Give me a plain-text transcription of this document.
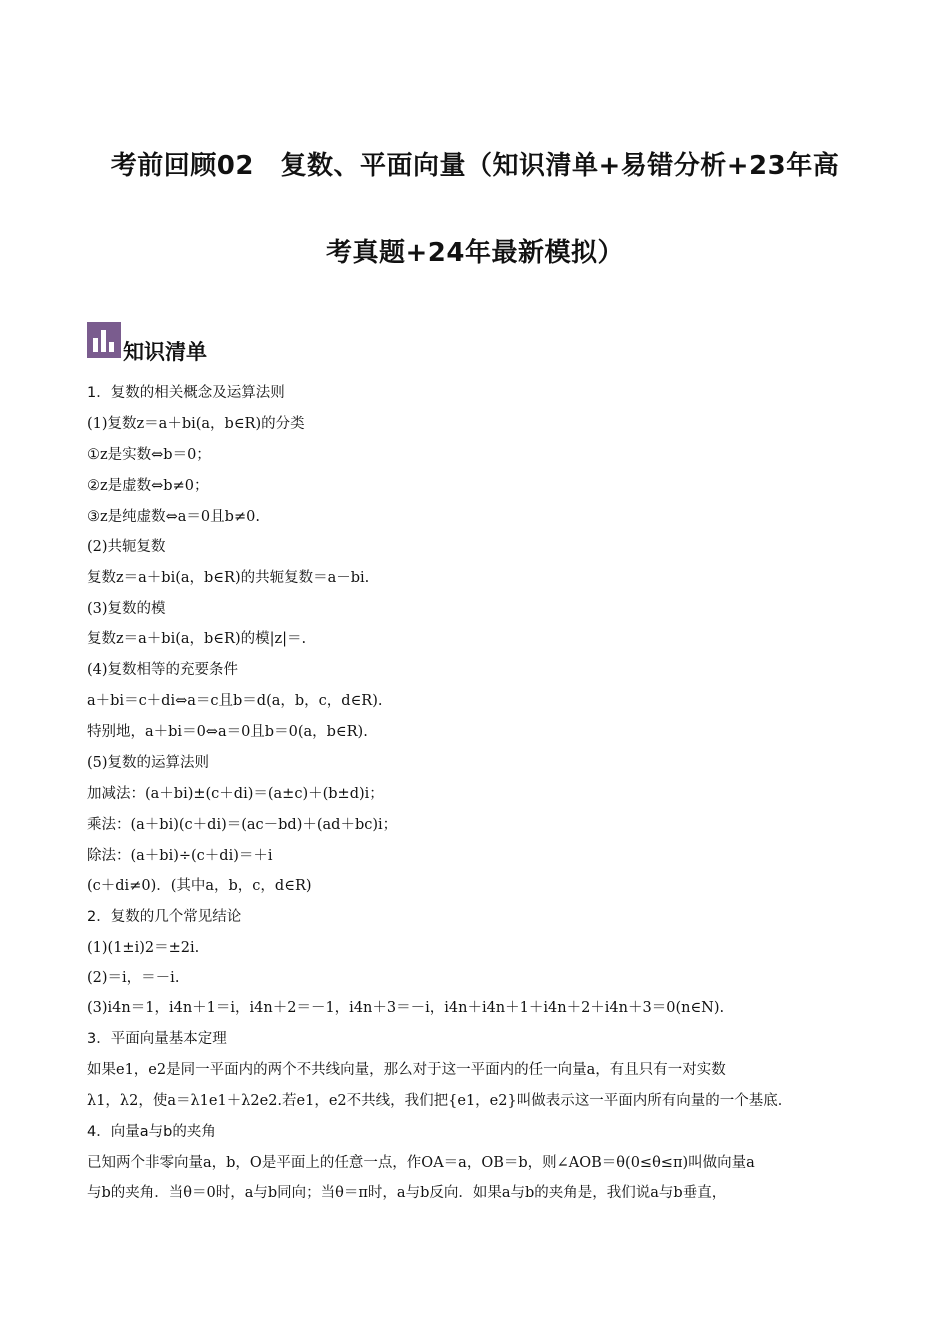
考前回顾02　复数、平面向量（知识清单+易错分析+23年高
考真题+24年最新模拟）
知识清单
1．复数的相关概念及运算法则
(1)复数z＝a＋bi(a，b∈R)的分类
①z是实数⇔b＝0；
②z是虚数⇔b≠0；
③z是纯虚数⇔a＝0且b≠0.
(2)共轭复数
复数z＝a＋bi(a，b∈R)的共轭复数＝a－bi.
(3)复数的模
复数z＝a＋bi(a，b∈R)的模|z|＝.
(4)复数相等的充要条件
a＋bi＝c＋di⇔a＝c且b＝d(a，b，c，d∈R).
特别地，a＋bi＝0⇔a＝0且b＝0(a，b∈R).
(5)复数的运算法则
加减法：(a＋bi)±(c＋di)＝(a±c)＋(b±d)i；
乘法：(a＋bi)(c＋di)＝(ac－bd)＋(ad＋bc)i；
除法：(a＋bi)÷(c＋di)＝＋i
(c＋di≠0)．(其中a，b，c，d∈R)
2．复数的几个常见结论
(1)(1±i)2＝±2i.
(2)＝i，＝－i.
(3)i4n＝1，i4n＋1＝i，i4n＋2＝－1，i4n＋3＝－i，i4n＋i4n＋1＋i4n＋2＋i4n＋3＝0(n∈N).
3．平面向量基本定理
如果e1，e2是同一平面内的两个不共线向量，那么对于这一平面内的任一向量a，有且只有一对实数
λ1，λ2，使a＝λ1e1＋λ2e2.若e1，e2不共线，我们把{e1，e2}叫做表示这一平面内所有向量的一个基底．
4．向量a与b的夹角
已知两个非零向量a，b，O是平面上的任意一点，作OA＝a，OB＝b，则∠AOB＝θ(0≤θ≤π)叫做向量a
与b的夹角．当θ＝0时，a与b同向；当θ＝π时，a与b反向．如果a与b的夹角是，我们说a与b垂直，
